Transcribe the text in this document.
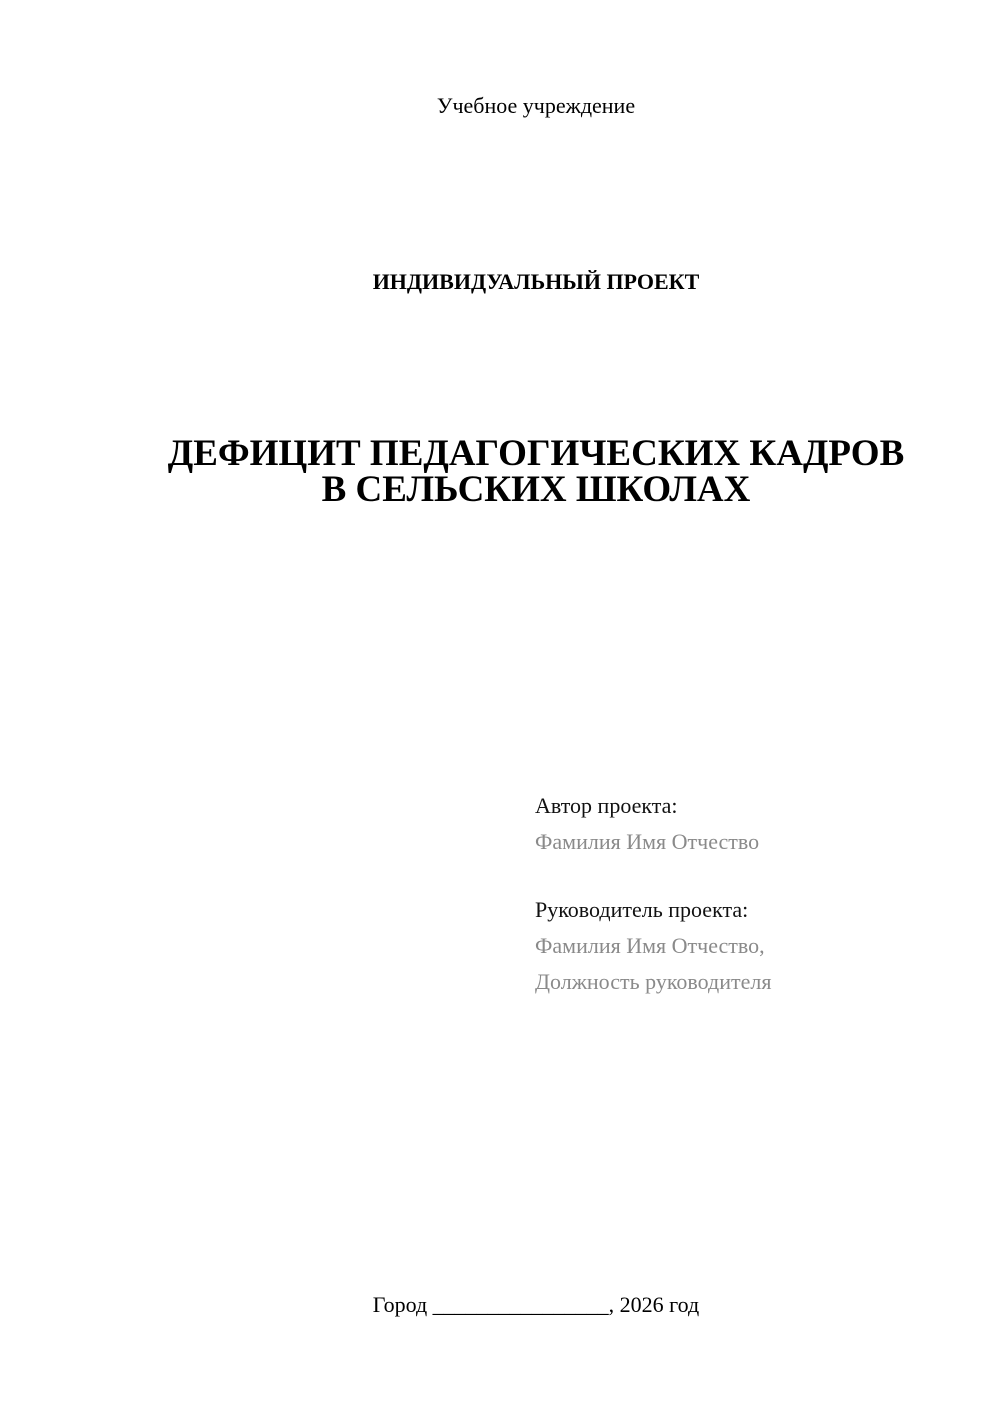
Учебное учреждение
ИНДИВИДУАЛЬНЫЙ ПРОЕКТ
ДЕФИЦИТ ПЕДАГОГИЧЕСКИХ КАДРОВ
В СЕЛЬСКИХ ШКОЛАХ
Автор проекта:
Фамилия Имя Отчество
Руководитель проекта:
Фамилия Имя Отчество,
Должность руководителя
Город ________________, 2026 год
